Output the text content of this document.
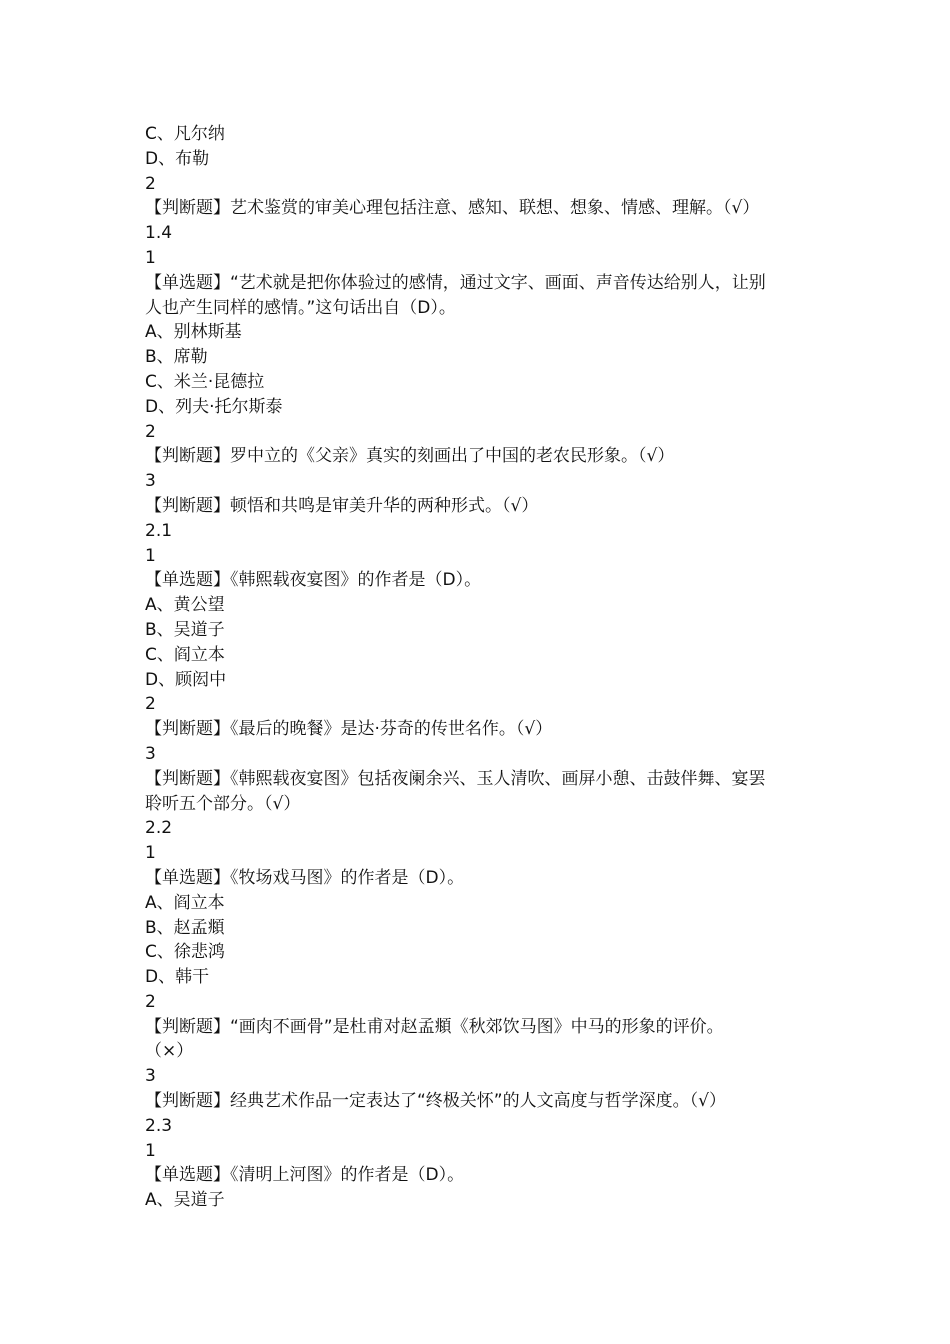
C、凡尔纳
D、布勒
2
【判断题】艺术鉴赏的审美心理包括注意、感知、联想、想象、情感、理解。（√）
1.4
1
【单选题】“艺术就是把你体验过的感情，通过文字、画面、声音传达给别人，让别
人也产生同样的感情。”这句话出自（D）。
A、别林斯基
B、席勒
C、米兰·昆德拉
D、列夫·托尔斯泰
2
【判断题】罗中立的《父亲》真实的刻画出了中国的老农民形象。（√）
3
【判断题】顿悟和共鸣是审美升华的两种形式。（√）
2.1
1
【单选题】《韩熙载夜宴图》的作者是（D）。
A、黄公望
B、吴道子
C、阎立本
D、顾闳中
2
【判断题】《最后的晚餐》是达·芬奇的传世名作。（√）
3
【判断题】《韩熙载夜宴图》包括夜阑余兴、玉人清吹、画屏小憩、击鼓伴舞、宴罢
聆听五个部分。（√）
2.2
1
【单选题】《牧场戏马图》的作者是（D）。
A、阎立本
B、赵孟頫
C、徐悲鸿
D、韩干
2
【判断题】“画肉不画骨”是杜甫对赵孟頫《秋郊饮马图》中马的形象的评价。
（×）
3
【判断题】经典艺术作品一定表达了“终极关怀”的人文高度与哲学深度。（√）
2.3
1
【单选题】《清明上河图》的作者是（D）。
A、吴道子
